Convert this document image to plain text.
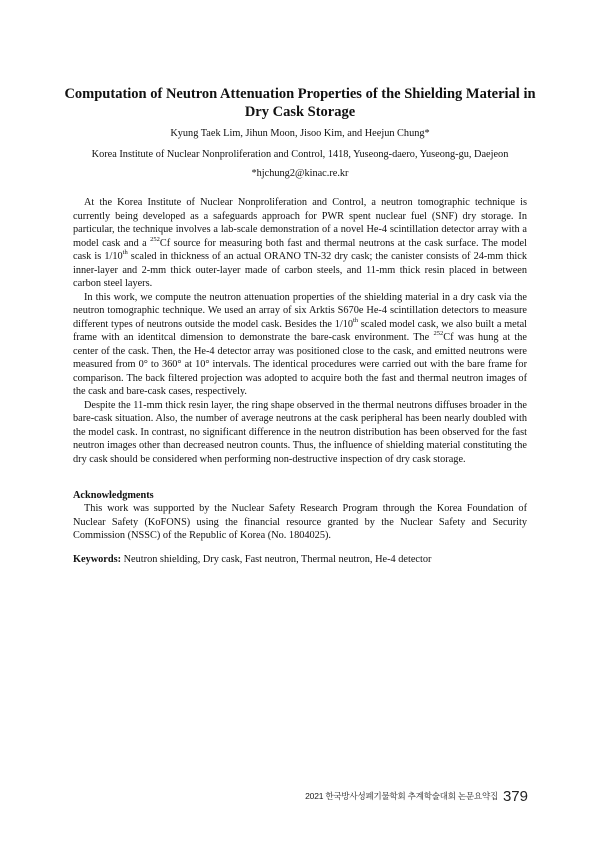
Computation of Neutron Attenuation Properties of the Shielding Material in Dry Cask Storage
Kyung Taek Lim, Jihun Moon, Jisoo Kim, and Heejun Chung*
Korea Institute of Nuclear Nonproliferation and Control, 1418, Yuseong-daero, Yuseong-gu, Daejeon
*hjchung2@kinac.re.kr

At the Korea Institute of Nuclear Nonproliferation and Control, a neutron tomographic technique is currently being developed as a safeguards approach for PWR spent nuclear fuel (SNF) dry storage. In particular, the technique involves a lab-scale demonstration of a novel He-4 scintillation detector array with a model cask and a $^{252}$Cf source for measuring both fast and thermal neutrons at the cask surface. The model cask is 1/10th scaled in thickness of an actual ORANO TN-32 dry cask; the canister consists of 24-mm thick inner-layer and 2-mm thick outer-layer made of carbon steels, and 11-mm thick resin placed in between carbon steel layers.

In this work, we compute the neutron attenuation properties of the shielding material in a dry cask via the neutron tomographic technique. We used an array of six Arktis S670e He-4 scintillation detectors to measure different types of neutrons outside the model cask. Besides the 1/10th scaled model cask, we also built a metal frame with an identitcal dimension to demonstrate the bare-cask environment. The $^{252}$Cf was hung at the center of the cask. Then, the He-4 detector array was positioned close to the cask, and emitted neutrons were measured from 0° to 360° at 10° intervals. The identical procedures were carried out with the bare frame for comparison. The back filtered projection was adopted to acquire both the fast and thermal neutron images of the cask and bare-cask cases, respectively.

Despite the 11-mm thick resin layer, the ring shape observed in the thermal neutrons diffuses broader in the bare-cask situation. Also, the number of average neutrons at the cask peripheral has been nearly doubled with the model cask. In contrast, no significant difference in the neutron distribution has been observed for the fast neutron images other than decreased neutron counts. Thus, the influence of shielding material constituting the dry cask should be considered when performing non-destructive inspection of dry cask storage.

Acknowledgments

This work was supported by the Nuclear Safety Research Program through the Korea Foundation of Nuclear Safety (KoFONS) using the financial resource granted by the Nuclear Safety and Security Commission (NSSC) of the Republic of Korea (No. 1804025).

Keywords: Neutron shielding, Dry cask, Fast neutron, Thermal neutron, He-4 detector

2021 한국방사성폐기물학회 추계학술대회 논문요약집 379
